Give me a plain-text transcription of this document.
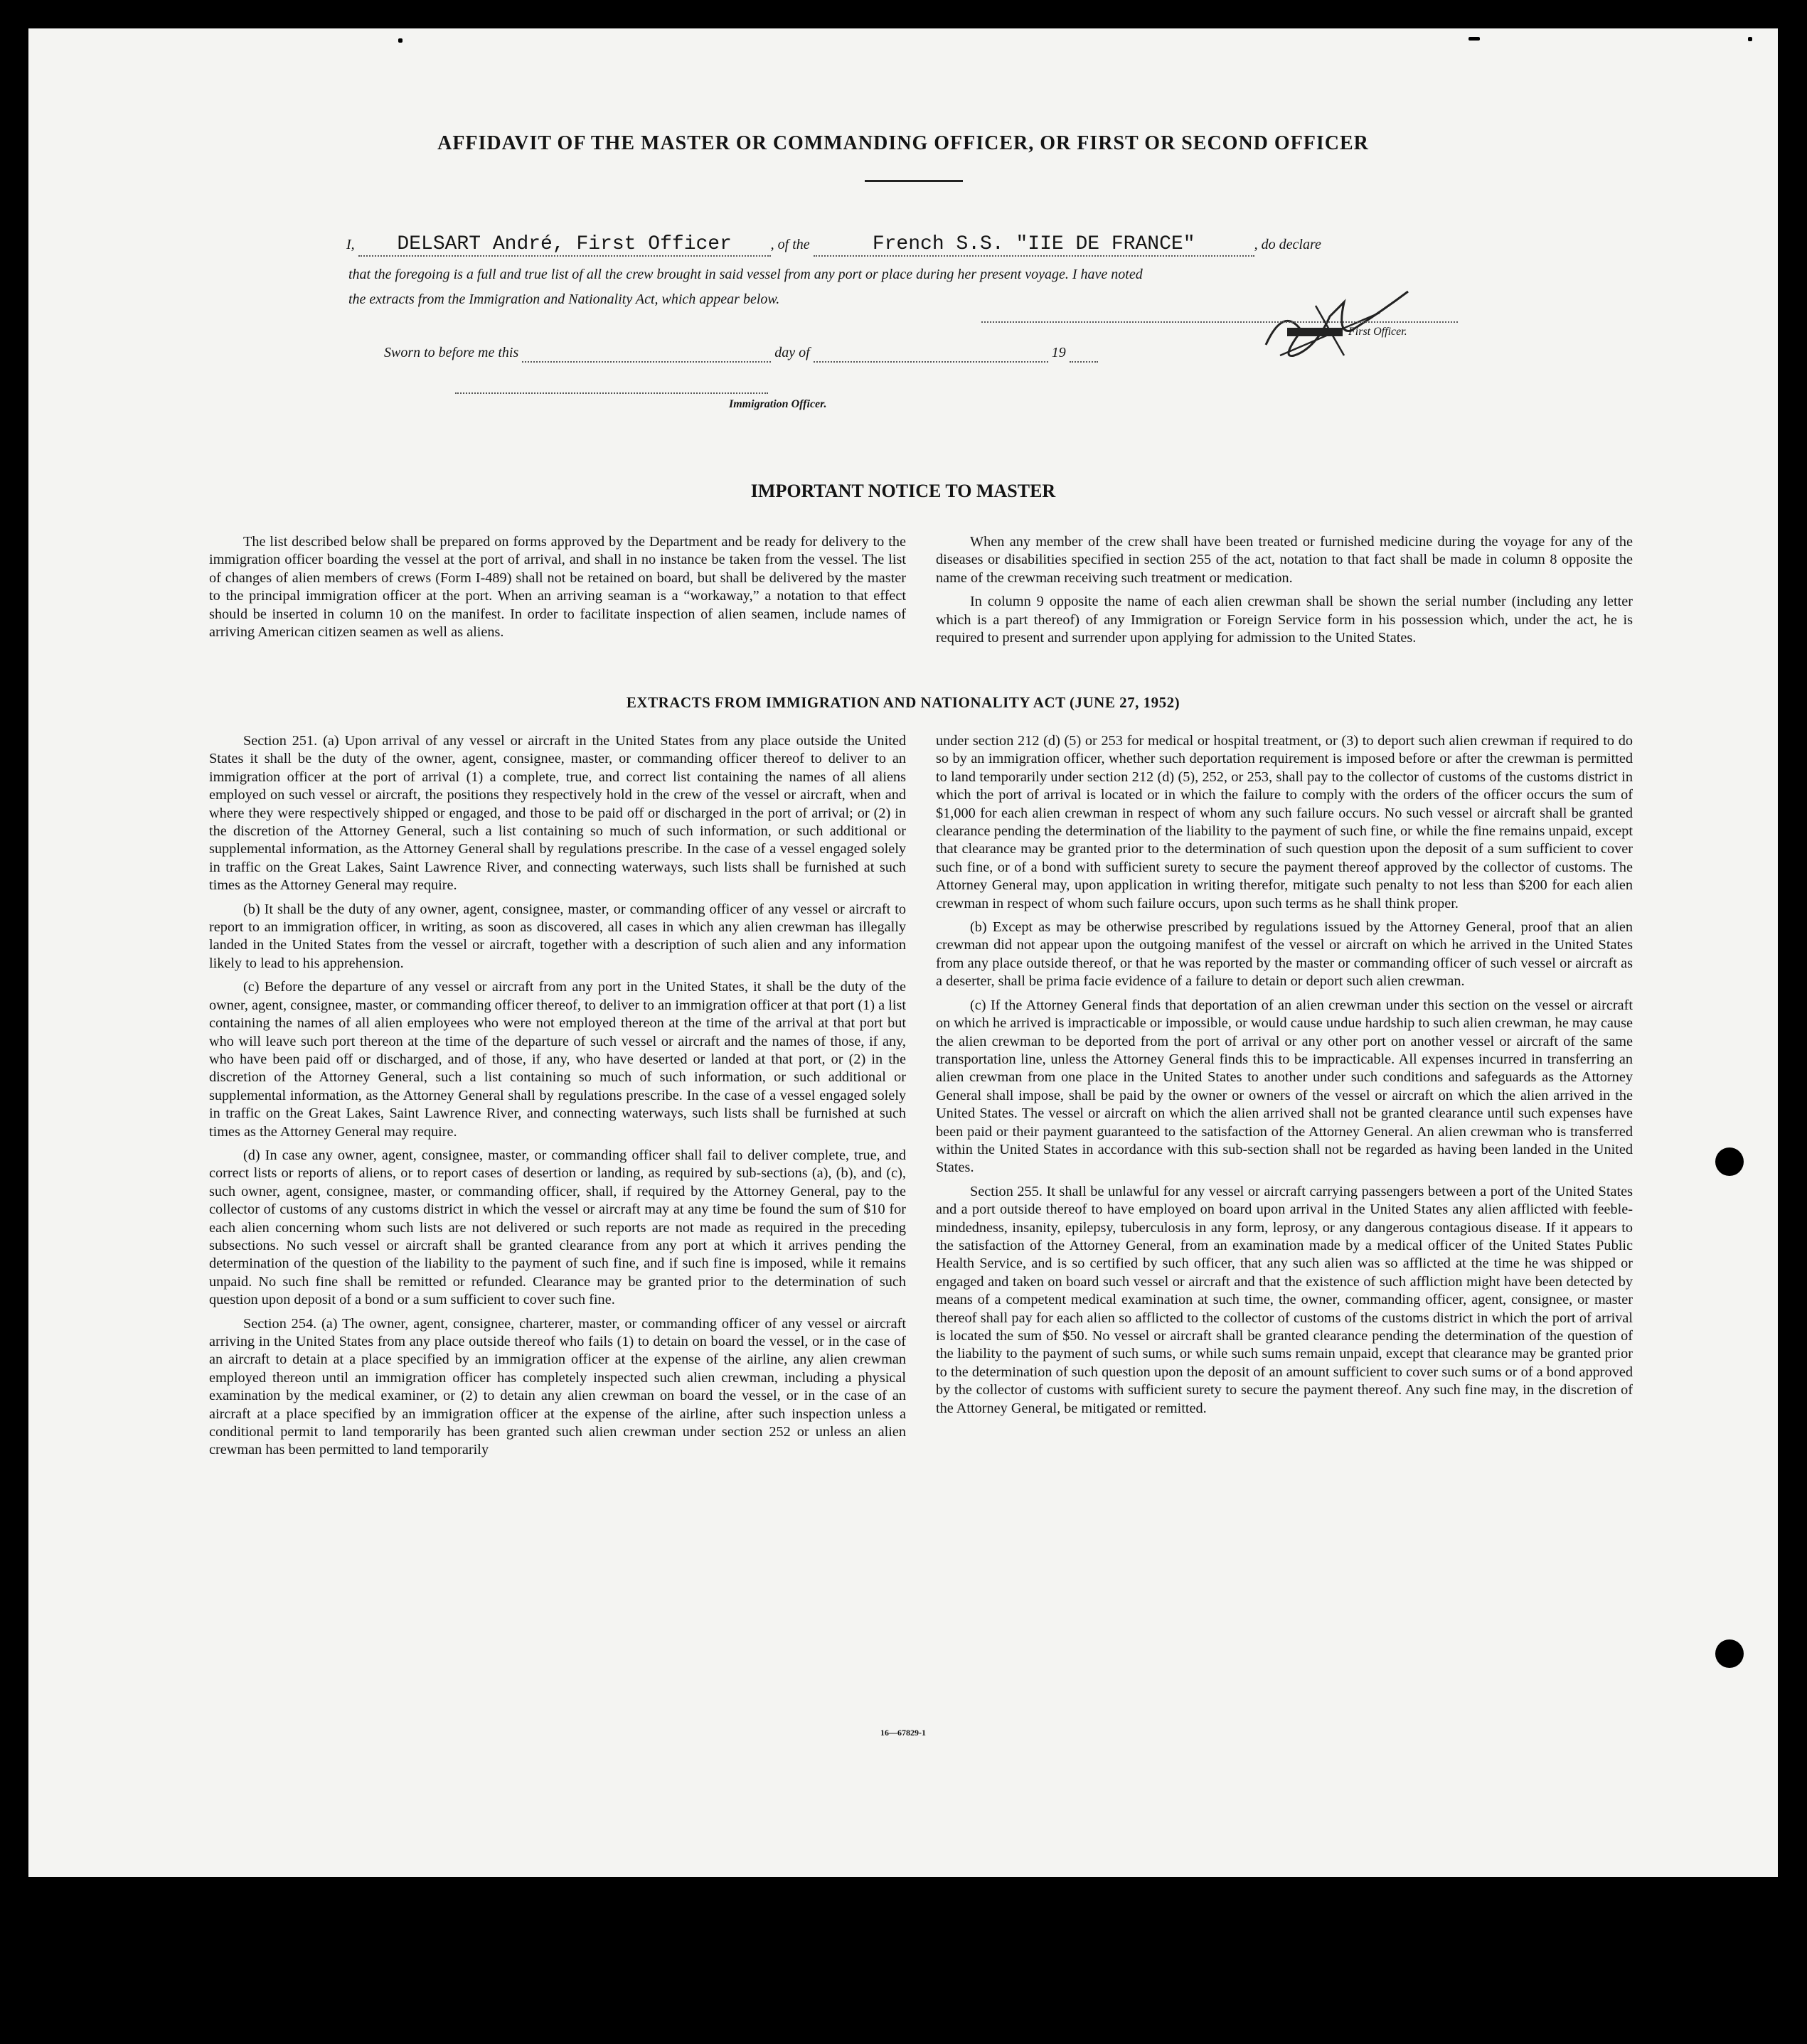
AFFIDAVIT OF THE MASTER OR COMMANDING OFFICER, OR FIRST OR SECOND OFFICER
I, DELSART André, First Officer	, of the	French S.S. "IIE DE FRANCE"	, do declare
that the foregoing is a full and true list of all the crew brought in said vessel from any port or place during her present voyage. I have noted
the extracts from the Immigration and Nationality Act, which appear below.
First Officer.
Sworn to before me this	day of	19
Immigration Officer.
IMPORTANT NOTICE TO MASTER

The list described below shall be prepared on forms approved by the Department and be ready for delivery to the immigration officer boarding the vessel at the port of arrival, and shall in no instance be taken from the vessel. The list of changes of alien members of crews (Form I-489) shall not be retained on board, but shall be delivered by the master to the principal immigration officer at the port. When an arriving seaman is a “workaway,” a notation to that effect should be inserted in column 10 on the manifest. In order to facilitate inspection of alien seamen, include names of arriving American citizen seamen as well as aliens.

When any member of the crew shall have been treated or furnished medicine during the voyage for any of the diseases or disabilities specified in section 255 of the act, notation to that fact shall be made in column 8 opposite the name of the crewman receiving such treatment or medication.

In column 9 opposite the name of each alien crewman shall be shown the serial number (including any letter which is a part thereof) of any Immigration or Foreign Service form in his possession which, under the act, he is required to present and surrender upon applying for admission to the United States.

EXTRACTS FROM IMMIGRATION AND NATIONALITY ACT (JUNE 27, 1952)

Section 251. (a) Upon arrival of any vessel or aircraft in the United States from any place outside the United States it shall be the duty of the owner, agent, consignee, master, or commanding officer thereof to deliver to an immigration officer at the port of arrival (1) a complete, true, and correct list containing the names of all aliens employed on such vessel or aircraft, the positions they respectively hold in the crew of the vessel or aircraft, when and where they were respectively shipped or engaged, and those to be paid off or discharged in the port of arrival; or (2) in the discretion of the Attorney General, such a list containing so much of such information, or such additional or supplemental information, as the Attorney General shall by regulations prescribe. In the case of a vessel engaged solely in traffic on the Great Lakes, Saint Lawrence River, and connecting waterways, such lists shall be furnished at such times as the Attorney General may require.

(b) It shall be the duty of any owner, agent, consignee, master, or commanding officer of any vessel or aircraft to report to an immigration officer, in writing, as soon as discovered, all cases in which any alien crewman has illegally landed in the United States from the vessel or aircraft, together with a description of such alien and any information likely to lead to his apprehension.

(c) Before the departure of any vessel or aircraft from any port in the United States, it shall be the duty of the owner, agent, consignee, master, or commanding officer thereof, to deliver to an immigration officer at that port (1) a list containing the names of all alien employees who were not employed thereon at the time of the arrival at that port but who will leave such port thereon at the time of the departure of such vessel or aircraft and the names of those, if any, who have been paid off or discharged, and of those, if any, who have deserted or landed at that port, or (2) in the discretion of the Attorney General, such a list containing so much of such information, or such additional or supplemental information, as the Attorney General shall by regulations prescribe. In the case of a vessel engaged solely in traffic on the Great Lakes, Saint Lawrence River, and connecting waterways, such lists shall be furnished at such times as the Attorney General may require.

(d) In case any owner, agent, consignee, master, or commanding officer shall fail to deliver complete, true, and correct lists or reports of aliens, or to report cases of desertion or landing, as required by sub-sections (a), (b), and (c), such owner, agent, consignee, master, or commanding officer, shall, if required by the Attorney General, pay to the collector of customs of any customs district in which the vessel or aircraft may at any time be found the sum of $10 for each alien concerning whom such lists are not delivered or such reports are not made as required in the preceding subsections. No such vessel or aircraft shall be granted clearance from any port at which it arrives pending the determination of the question of the liability to the payment of such fine, and if such fine is imposed, while it remains unpaid. No such fine shall be remitted or refunded. Clearance may be granted prior to the determination of such question upon deposit of a bond or a sum sufficient to cover such fine.

Section 254. (a) The owner, agent, consignee, charterer, master, or commanding officer of any vessel or aircraft arriving in the United States from any place outside thereof who fails (1) to detain on board the vessel, or in the case of an aircraft to detain at a place specified by an immigration officer at the expense of the airline, any alien crewman employed thereon until an immigration officer has completely inspected such alien crewman, including a physical examination by the medical examiner, or (2) to detain any alien crewman on board the vessel, or in the case of an aircraft at a place specified by an immigration officer at the expense of the airline, after such inspection unless a conditional permit to land temporarily has been granted such alien crewman under section 252 or unless an alien crewman has been permitted to land temporarily

under section 212 (d) (5) or 253 for medical or hospital treatment, or (3) to deport such alien crewman if required to do so by an immigration officer, whether such deportation requirement is imposed before or after the crewman is permitted to land temporarily under section 212 (d) (5), 252, or 253, shall pay to the collector of customs of the customs district in which the port of arrival is located or in which the failure to comply with the orders of the officer occurs the sum of $1,000 for each alien crewman in respect of whom any such failure occurs. No such vessel or aircraft shall be granted clearance pending the determination of the liability to the payment of such fine, or while the fine remains unpaid, except that clearance may be granted prior to the determination of such question upon the deposit of a sum sufficient to cover such fine, or of a bond with sufficient surety to secure the payment thereof approved by the collector of customs. The Attorney General may, upon application in writing therefor, mitigate such penalty to not less than $200 for each alien crewman in respect of whom such failure occurs, upon such terms as he shall think proper.

(b) Except as may be otherwise prescribed by regulations issued by the Attorney General, proof that an alien crewman did not appear upon the outgoing manifest of the vessel or aircraft on which he arrived in the United States from any place outside thereof, or that he was reported by the master or commanding officer of such vessel or aircraft as a deserter, shall be prima facie evidence of a failure to detain or deport such alien crewman.

(c) If the Attorney General finds that deportation of an alien crewman under this section on the vessel or aircraft on which he arrived is impracticable or impossible, or would cause undue hardship to such alien crewman, he may cause the alien crewman to be deported from the port of arrival or any other port on another vessel or aircraft of the same transportation line, unless the Attorney General finds this to be impracticable. All expenses incurred in transferring an alien crewman from one place in the United States to another under such conditions and safeguards as the Attorney General shall impose, shall be paid by the owner or owners of the vessel or aircraft on which the alien arrived in the United States. The vessel or aircraft on which the alien arrived shall not be granted clearance until such expenses have been paid or their payment guaranteed to the satisfaction of the Attorney General. An alien crewman who is transferred within the United States in accordance with this sub-section shall not be regarded as having been landed in the United States.

Section 255. It shall be unlawful for any vessel or aircraft carrying passengers between a port of the United States and a port outside thereof to have employed on board upon arrival in the United States any alien afflicted with feeble-mindedness, insanity, epilepsy, tuberculosis in any form, leprosy, or any dangerous contagious disease. If it appears to the satisfaction of the Attorney General, from an examination made by a medical officer of the United States Public Health Service, and is so certified by such officer, that any such alien was so afflicted at the time he was shipped or engaged and taken on board such vessel or aircraft and that the existence of such affliction might have been detected by means of a competent medical examination at such time, the owner, commanding officer, agent, consignee, or master thereof shall pay for each alien so afflicted to the collector of customs of the customs district in which the port of arrival is located the sum of $50. No vessel or aircraft shall be granted clearance pending the determination of the question of the liability to the payment of such sums, or while such sums remain unpaid, except that clearance may be granted prior to the determination of such question upon the deposit of an amount sufficient to cover such sums or of a bond approved by the collector of customs with sufficient surety to secure the payment thereof. Any such fine may, in the discretion of the Attorney General, be mitigated or remitted.

16—67829-1
